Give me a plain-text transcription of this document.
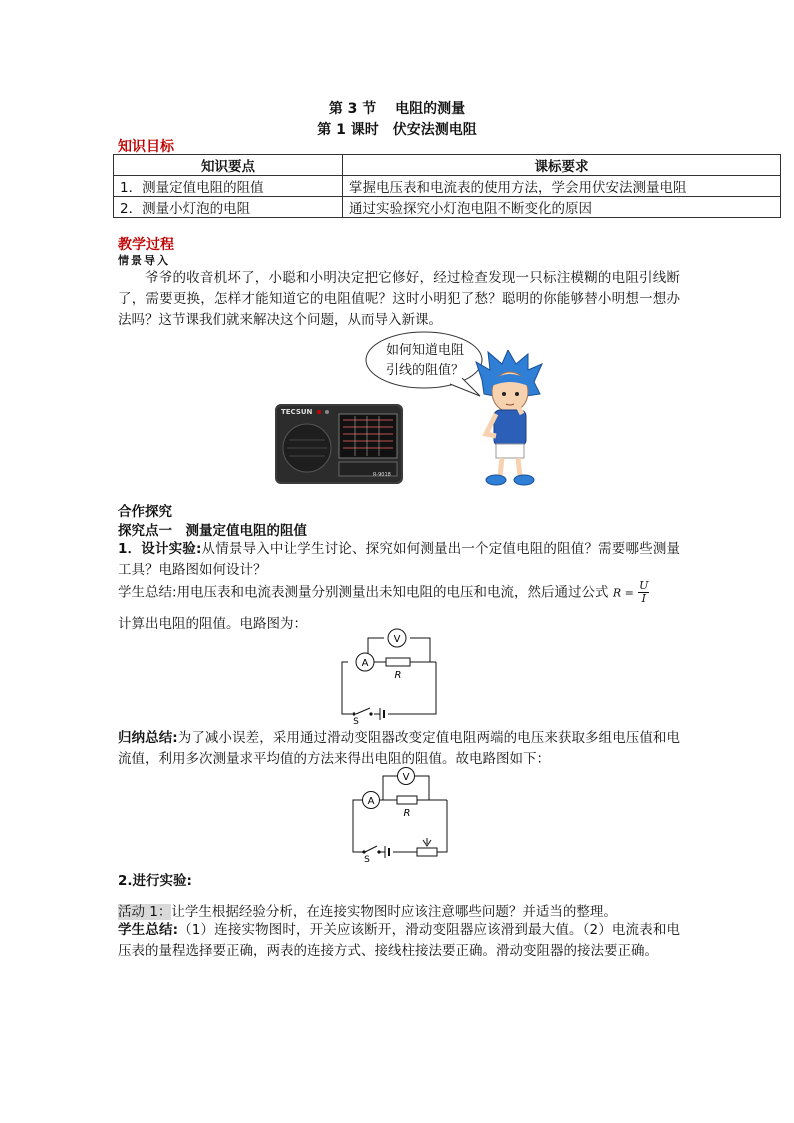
第 3 节　 电阻的测量
第 1 课时　伏安法测电阻
知识目标
知识要点	课标要求
1．测量定值电阻的阻值	掌握电压表和电流表的使用方法，学会用伏安法测量电阻
2．测量小灯泡的电阻	通过实验探究小灯泡电阻不断变化的原因
教学过程
情景导入
爷爷的收音机坏了，小聪和小明决定把它修好，经过检查发现一只标注模糊的电阻引线断了，需要更换，怎样才能知道它的电阻值呢？这时小明犯了愁？聪明的你能够替小明想一想办法吗？这节课我们就来解决这个问题，从而导入新课。
如何知道电阻
引线的阻值？
TECSUN
R-9018
合作探究
探究点一　测量定值电阻的阻值
1．设计实验:从情景导入中让学生讨论、探究如何测量出一个定值电阻的阻值？需要哪些测量工具？电路图如何设计？
学生总结:用电压表和电流表测量分别测量出未知电阻的电压和电流，然后通过公式 $R = \frac{U}{I}$
计算出电阻的阻值。电路图为：
V
A
R
S
归纳总结:为了减小误差，采用通过滑动变阻器改变定值电阻两端的电压来获取多组电压值和电流值，利用多次测量求平均值的方法来得出电阻的阻值。故电路图如下：
V
A
R
S
2.进行实验:
活动 1：让学生根据经验分析，在连接实物图时应该注意哪些问题？并适当的整理。
学生总结:（1）连接实物图时，开关应该断开，滑动变阻器应该滑到最大值。（2）电流表和电压表的量程选择要正确，两表的连接方式、接线柱接法要正确。滑动变阻器的接法要正确。
